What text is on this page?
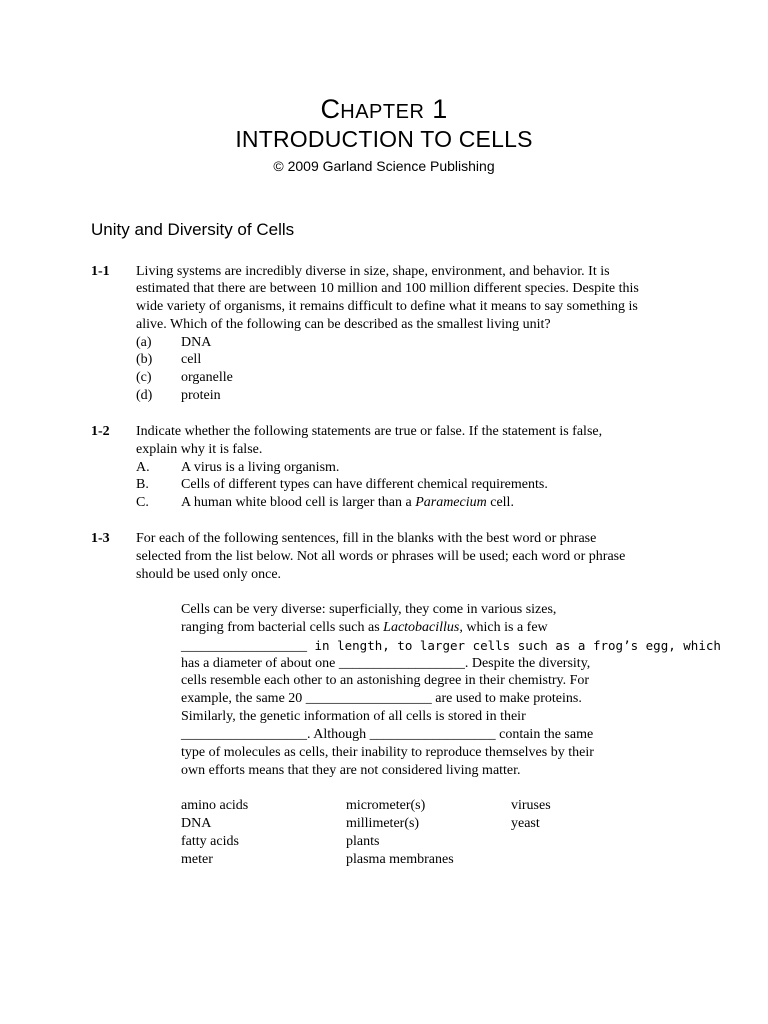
CHAPTER 1
INTRODUCTION TO CELLS
© 2009 Garland Science Publishing
Unity and Diversity of Cells
1-1 Living systems are incredibly diverse in size, shape, environment, and behavior. It is
estimated that there are between 10 million and 100 million different species. Despite this
wide variety of organisms, it remains difficult to define what it means to say something is
alive. Which of the following can be described as the smallest living unit?
(a) DNA
(b) cell
(c) organelle
(d) protein
1-2 Indicate whether the following statements are true or false. If the statement is false,
explain why it is false.
A. A virus is a living organism.
B. Cells of different types can have different chemical requirements.
C. A human white blood cell is larger than a Paramecium cell.
1-3 For each of the following sentences, fill in the blanks with the best word or phrase
selected from the list below. Not all words or phrases will be used; each word or phrase
should be used only once.
Cells can be very diverse: superficially, they come in various sizes,
ranging from bacterial cells such as Lactobacillus, which is a few
__________________ in length, to larger cells such as a frog’s egg, which
has a diameter of about one __________________. Despite the diversity,
cells resemble each other to an astonishing degree in their chemistry. For
example, the same 20 __________________ are used to make proteins.
Similarly, the genetic information of all cells is stored in their
__________________. Although __________________ contain the same
type of molecules as cells, their inability to reproduce themselves by their
own efforts means that they are not considered living matter.
amino acids
DNA
fatty acids
meter
micrometer(s)
millimeter(s)
plants
plasma membranes
viruses
yeast
